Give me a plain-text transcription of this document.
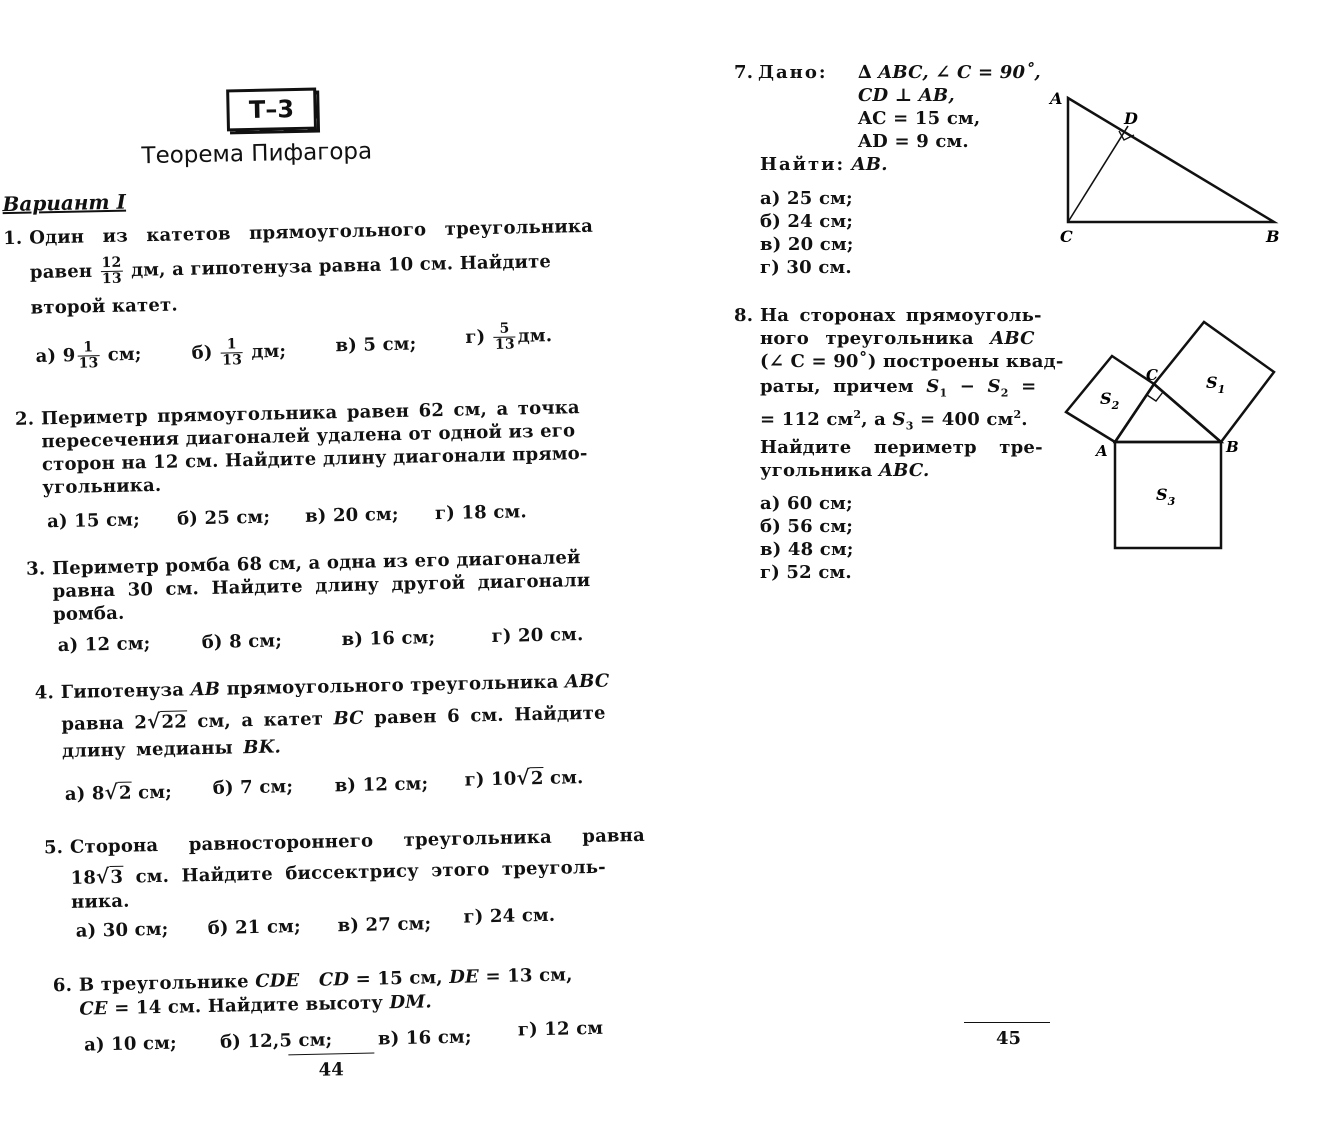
Т–3
Теорема Пифагора
Вариант I
1. Один из катетов прямоугольного треугольника
равен $\frac{12}{13}$ дм, а гипотенуза равна 10 см. Найдите
второй катет.
а) $9 \frac{1}{13}$ см;	$б) \frac{1}{13}$ дм;	в) 5 см;	$г) \frac{5}{13}$ дм.
2. Периметр прямоугольника равен 62 см, а точка
пересечения диагоналей удалена от одной из его
сторон на 12 см. Найдите длину диагонали прямо-
угольника.
а) 15 см; б) 25 см; в) 20 см; г) 18 см.
3. Периметр ромба 68 см, а одна из его диагоналей
равна 30 см. Найдите длину другой диагонали
ромба.
а) 12 см;	б) 8 см;	в) 16 см;	г) 20 см.
4. Гипотенуза AB прямоугольного треугольника ABC
равна 2√22 см, а катет BC равен 6 см. Найдите
длину медианы BK.
а) 8√2 см; б) 7 см; в) 12 см; г) 10√2 см.
5. Сторона равностороннего треугольника равна
18√3 см. Найдите биссектрису этого треуголь-
ника.
а) 30 см; б) 21 см; в) 27 см; г) 24 см.
6. В треугольнике CDE CD = 15 см, DE = 13 см,
CE = 14 см. Найдите высоту DM.
а) 10 см; б) 12,5 см;	в) 16 см;	г) 12 см
44
7. Дано: ∆ ABC, ∠ C = 90˚,
CD ⊥ AB,
AC = 15 см,
AD = 9 см.
Найти: AB.
а) 25 см;
б) 24 см;
в) 20 см;
г) 30 см.
A
D
C	B
8. На сторонах прямоуголь-
ного треугольника ABC
(∠ C = 90˚) построены квад-
раты, причем $S_1 - S_2$ =
= 112 $см^2$, а $S_3 = 400$ $см^2$.
Найдите периметр тре-
угольника ABC.
а) 60 см;
б) 56 см;
в) 48 см;
г) 52 см.
A	B
C	$S_1$
$S_2$
$S_3$
45
